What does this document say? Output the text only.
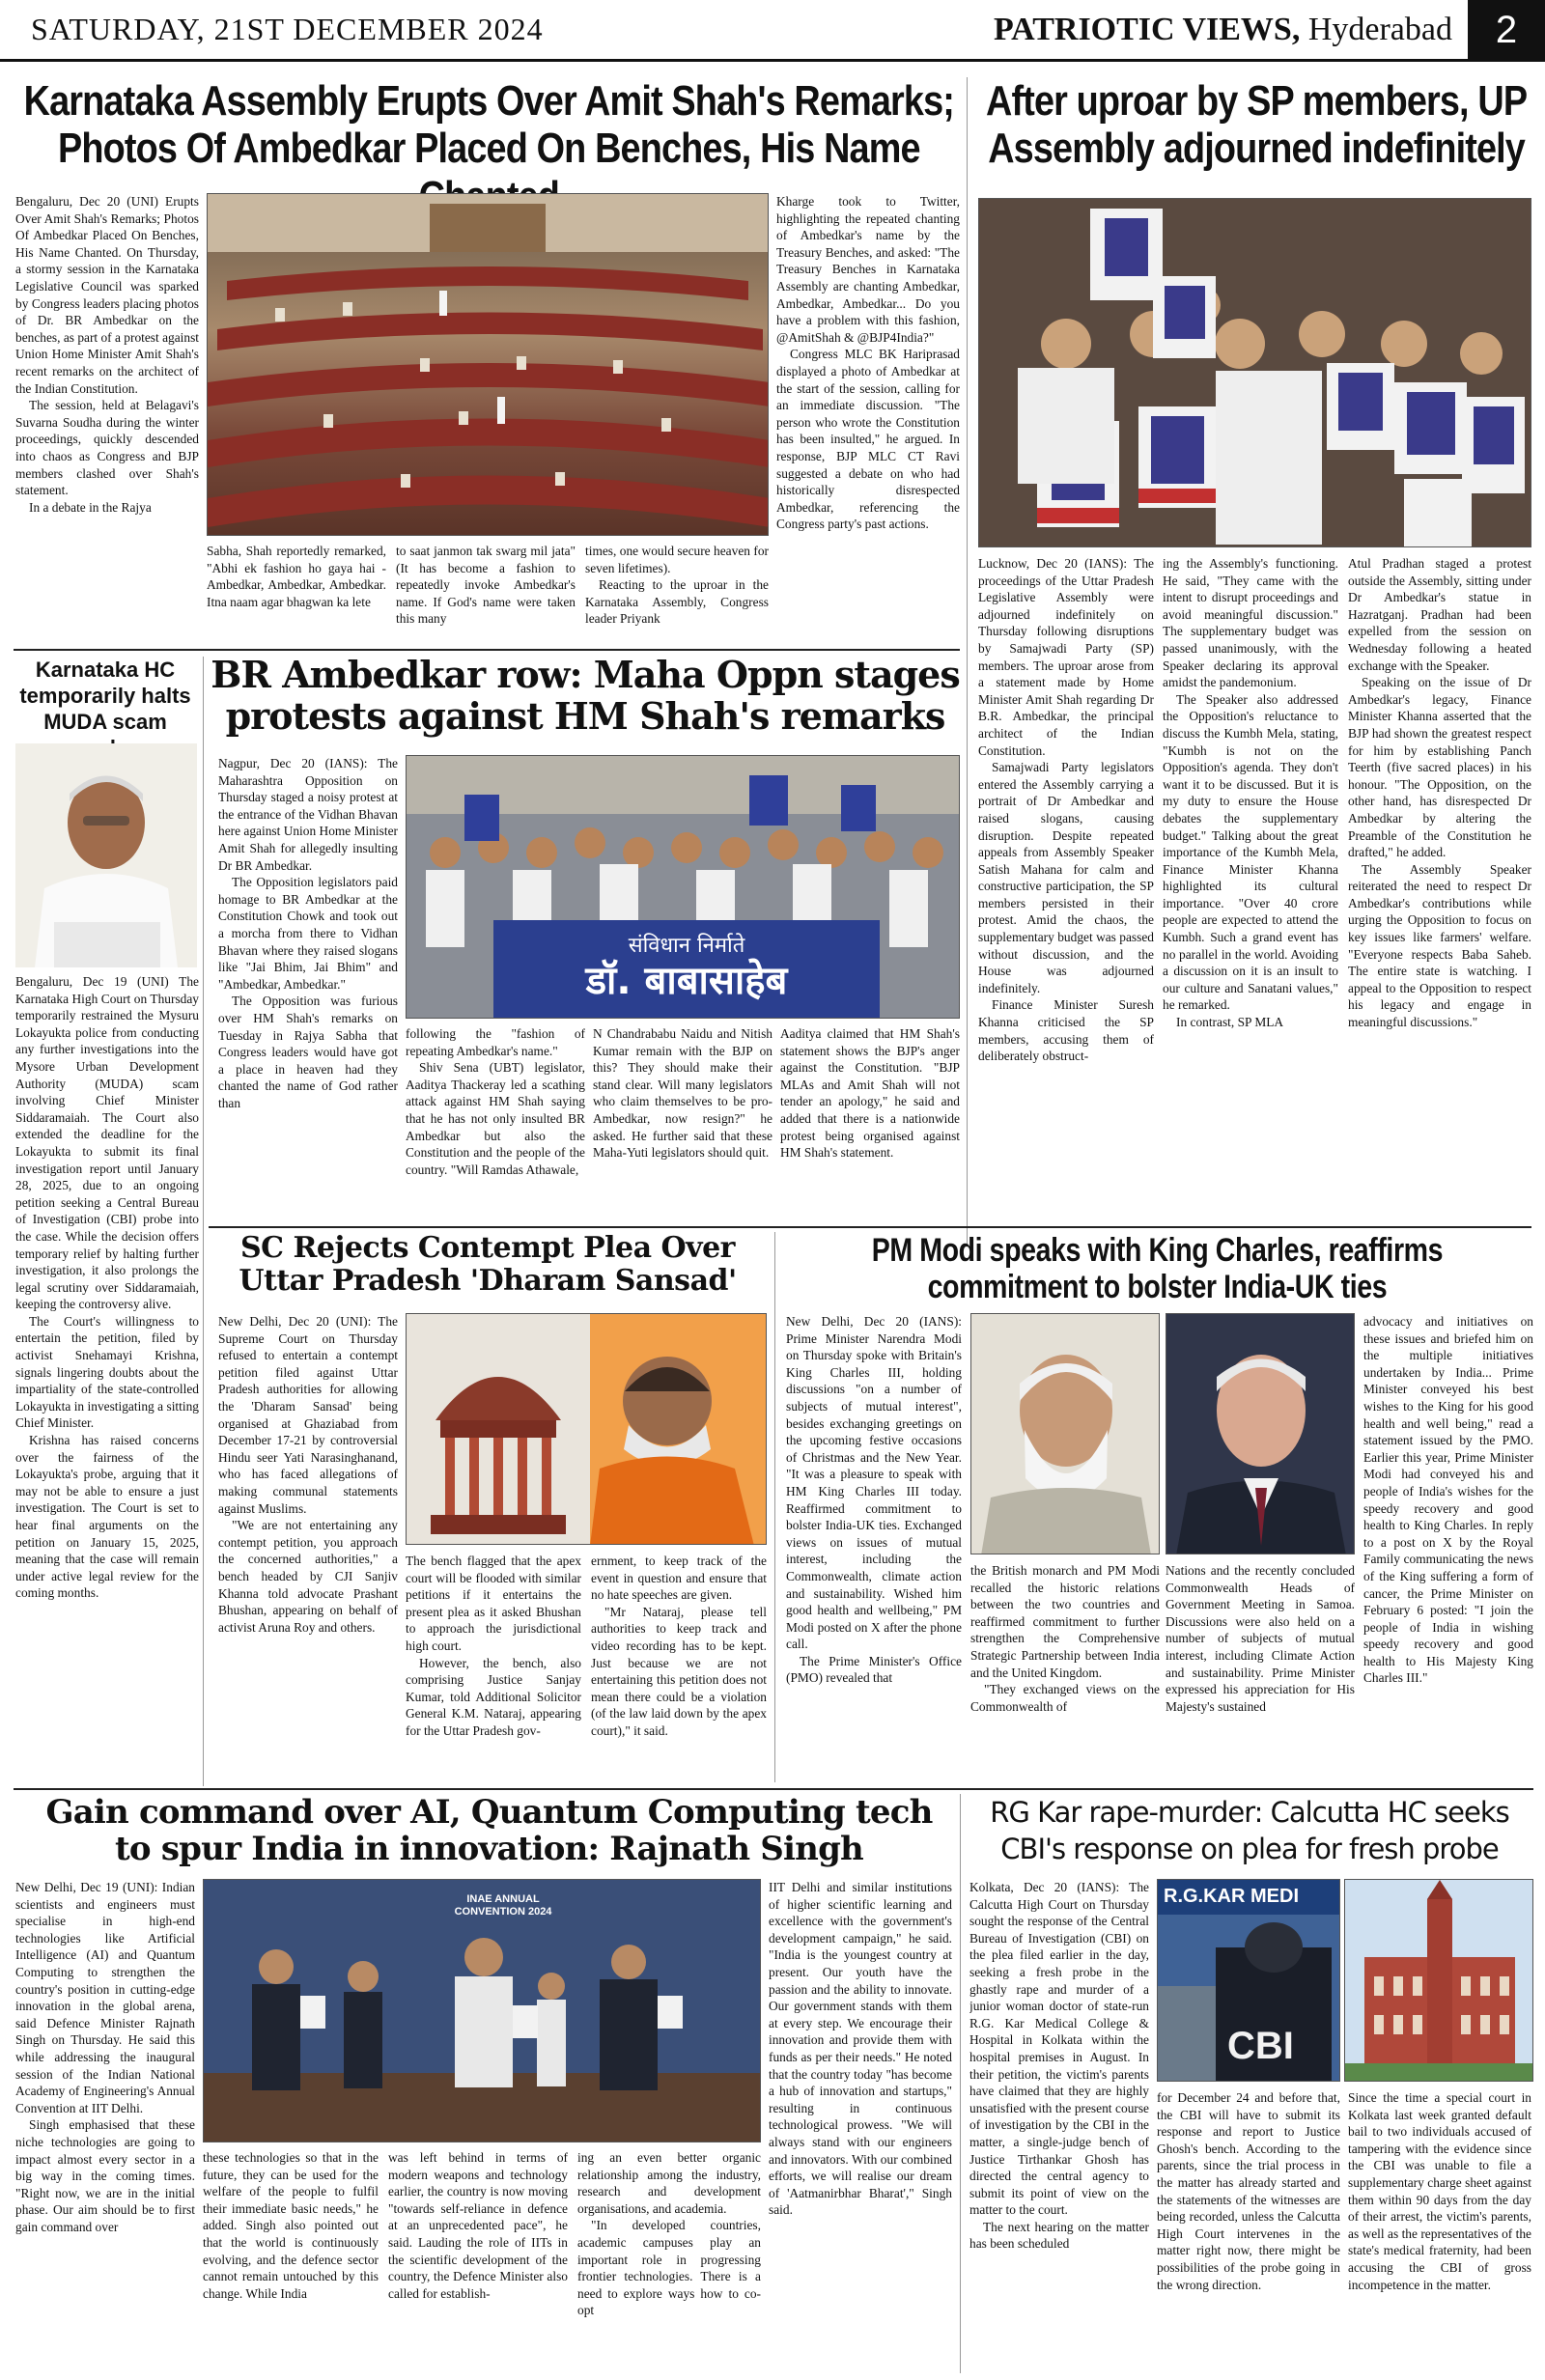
SATURDAY, 21ST DECEMBER 2024	PATRIOTIC VIEWS, Hyderabad	2
Karnataka Assembly Erupts Over Amit Shah's Remarks;
Photos Of Ambedkar Placed On Benches, His Name

Bengaluru, Dec 20 (UNI) Erupts Over Amit Shah's Remarks; Photos Of Ambedkar Placed On Benches, His Name Chanted. On Thursday, a stormy session in the Karnataka Legislative Council was sparked by Congress leaders placing photos of Dr. BR Ambedkar on the benches, as part of a protest against Union Home Minister Amit Shah's recent remarks on the architect of the Indian Constitution.

The session, held at Belagavi's Suvarna Soudha during the winter proceedings, quickly descended into chaos as Congress and BJP members clashed over Shah's statement.

In a debate in the Rajya

Sabha, Shah reportedly remarked, "Abhi ek fashion ho gaya hai - Ambedkar, Ambedkar, Ambedkar. Itna naam agar bhagwan ka lete

to saat janmon tak swarg mil jata" (It has become a fashion to repeatedly invoke Ambedkar's name. If God's name were taken this many

times, one would secure heaven for seven lifetimes).

Reacting to the uproar in the Karnataka Assembly, Congress leader Priyank

Kharge took to Twitter, highlighting the repeated chanting of Ambedkar's name by the Treasury Benches, and asked: "The Treasury Benches in Karnataka Assembly are chanting Ambedkar, Ambedkar, Ambedkar... Do you have a problem with this fashion, @AmitShah & @BJP4India?"

Congress MLC BK Hariprasad displayed a photo of Ambedkar at the start of the session, calling for an immediate discussion. "The person who wrote the Constitution has been insulted," he argued. In response, BJP MLC CT Ravi suggested a debate on who had historically disrespected Ambedkar, referencing the Congress party's past actions.

After uproar by SP members, UP
Assembly adjourned indefinitely

Lucknow, Dec 20 (IANS): The proceedings of the Uttar Pradesh Legislative Assembly were adjourned indefinitely on Thursday following disruptions by Samajwadi Party (SP) members. The uproar arose from a statement made by Home Minister Amit Shah regarding Dr B.R. Ambedkar, the principal architect of the Indian Constitution.

Samajwadi Party legislators entered the Assembly carrying a portrait of Dr Ambedkar and raised slogans, causing disruption. Despite repeated appeals from Assembly Speaker Satish Mahana for calm and constructive participation, the SP members persisted in their protest. Amid the chaos, the supplementary budget was passed without discussion, and the House was adjourned indefinitely.

Finance Minister Suresh Khanna criticised the SP members, accusing them of deliberately obstruct-

ing the Assembly's functioning. He said, "They came with the intent to disrupt proceedings and avoid meaningful discussion." The supplementary budget was passed unanimously, with the Speaker declaring its approval amidst the pandemonium.

The Speaker also addressed the Opposition's reluctance to discuss the Kumbh Mela, stating, "Kumbh is not on the Opposition's agenda. They don't want it to be discussed. But it is my duty to ensure the House debates the supplementary budget." Talking about the great importance of the Kumbh Mela, Finance Minister Khanna highlighted its cultural importance. "Over 40 crore people are expected to attend the Kumbh. Such a grand event has no parallel in the world. Avoiding a discussion on it is an insult to our culture and Sanatani values," he remarked.

In contrast, SP MLA

Atul Pradhan staged a protest outside the Assembly, sitting under Dr Ambedkar's statue in Hazratganj. Pradhan had been expelled from the session on Wednesday following a heated exchange with the Speaker.

Speaking on the issue of Dr Ambedkar's legacy, Finance Minister Khanna asserted that the BJP had shown the greatest respect for him by establishing Panch Teerth (five sacred places) in his honour. "The Opposition, on the other hand, has disrespected Dr Ambedkar by altering the Preamble of the Constitution he drafted," he added.

The Assembly Speaker reiterated the need to respect Dr Ambedkar's contributions while urging the Opposition to focus on key issues like farmers' welfare. "Everyone respects Baba Saheb. The entire state is watching. I appeal to the Opposition to respect his legacy and engage in meaningful discussions."

Karnataka HC
temporarily halts
MUDA scam

Bengaluru, Dec 19 (UNI) The Karnataka High Court on Thursday temporarily restrained the Mysuru Lokayukta police from conducting any further investigations into the Mysore Urban Development Authority (MUDA) scam involving Chief Minister Siddaramaiah. The Court also extended the deadline for the Lokayukta to submit its final investigation report until January 28, 2025, due to an ongoing petition seeking a Central Bureau of Investigation (CBI) probe into the case. While the decision offers temporary relief by halting further investigation, it also prolongs the legal scrutiny over Siddaramaiah, keeping the controversy alive.

The Court's willingness to entertain the petition, filed by activist Snehamayi Krishna, signals lingering doubts about the impartiality of the state-controlled Lokayukta in investigating a sitting Chief Minister.

Krishna has raised concerns over the fairness of the Lokayukta's probe, arguing that it may not be able to ensure a just investigation. The Court is set to hear final arguments on the petition on January 15, 2025, meaning that the case will remain under active legal review for the coming months.

BR Ambedkar row: Maha Oppn stages
protests against HM Shah's remarks

Nagpur, Dec 20 (IANS): The Maharashtra Opposition on Thursday staged a noisy protest at the entrance of the Vidhan Bhavan here against Union Home Minister Amit Shah for allegedly insulting Dr BR Ambedkar.

The Opposition legislators paid homage to BR Ambedkar at the Constitution Chowk and took out a morcha from there to Vidhan Bhavan where they raised slogans like "Jai Bhim, Jai Bhim" and "Ambedkar, Ambedkar."

The Opposition was furious over HM Shah's remarks on Tuesday in Rajya Sabha that Congress leaders would have got a place in heaven had they chanted the name of God rather than

संविधान निर्माते
डॉ. बाबासाहेब

following the "fashion of repeating Ambedkar's name."

Shiv Sena (UBT) legislator, Aaditya Thackeray led a scathing attack against HM Shah saying that he has not only insulted BR Ambedkar but also the Constitution and the people of the country. "Will Ramdas Athawale,

N Chandrababu Naidu and Nitish Kumar remain with the BJP on this? They should make their stand clear. Will many legislators who claim themselves to be pro-Ambedkar, now resign?" he asked. He further said that these Maha-Yuti legislators should quit.

Aaditya claimed that HM Shah's statement shows the BJP's anger against the Constitution. "BJP MLAs and Amit Shah will not tender an apology," he said and added that there is a nationwide protest being organised against HM Shah's statement.

SC Rejects Contempt Plea Over
Uttar Pradesh 'Dharam Sansad'

New Delhi, Dec 20 (UNI): The Supreme Court on Thursday refused to entertain a contempt petition filed against Uttar Pradesh authorities for allowing the 'Dharam Sansad' being organised at Ghaziabad from December 17-21 by controversial Hindu seer Yati Narasinghanand, who has faced allegations of making communal statements against Muslims.

"We are not entertaining any contempt petition, you approach the concerned authorities," a bench headed by CJI Sanjiv Khanna told advocate Prashant Bhushan, appearing on behalf of activist Aruna Roy and others.

The bench flagged that the apex court will be flooded with similar petitions if it entertains the present plea as it asked Bhushan to approach the jurisdictional high court.

However, the bench, also comprising Justice Sanjay Kumar, told Additional Solicitor General K.M. Nataraj, appearing for the Uttar Pradesh gov-

ernment, to keep track of the event in question and ensure that no hate speeches are given.

"Mr Nataraj, please tell authorities to keep track and video recording has to be kept. Just because we are not entertaining this petition does not mean there could be a violation (of the law laid down by the apex court)," it said.

PM Modi speaks with King Charles, reaffirms
commitment to bolster India-UK ties

New Delhi, Dec 20 (IANS): Prime Minister Narendra Modi on Thursday spoke with Britain's King Charles III, holding discussions "on a number of subjects of mutual interest", besides exchanging greetings on the upcoming festive occasions of Christmas and the New Year. "It was a pleasure to speak with HM King Charles III today. Reaffirmed commitment to bolster India-UK ties. Exchanged views on issues of mutual interest, including the Commonwealth, climate action and sustainability. Wished him good health and wellbeing," PM Modi posted on X after the phone call.

The Prime Minister's Office (PMO) revealed that

the British monarch and PM Modi recalled the historic relations between the two countries and reaffirmed commitment to further strengthen the Comprehensive Strategic Partnership between India and the United Kingdom.

"They exchanged views on the Commonwealth of

Nations and the recently concluded Commonwealth Heads of Government Meeting in Samoa. Discussions were also held on a number of subjects of mutual interest, including Climate Action and sustainability. Prime Minister expressed his appreciation for His Majesty's sustained

advocacy and initiatives on these issues and briefed him on the multiple initiatives undertaken by India... Prime Minister conveyed his best wishes to the King for his good health and well being," read a statement issued by the PMO. Earlier this year, Prime Minister Modi had conveyed his and people of India's wishes for the speedy recovery and good health to King Charles. In reply to a post on X by the Royal Family communicating the news of the King suffering a form of cancer, the Prime Minister on February 6 posted: "I join the people of India in wishing speedy recovery and good health to His Majesty King Charles III."

Gain command over AI, Quantum Computing tech
to spur India in innovation: Rajnath Singh

New Delhi, Dec 19 (UNI): Indian scientists and engineers must specialise in high-end technologies like Artificial Intelligence (AI) and Quantum Computing to strengthen the country's position in cutting-edge innovation in the global arena, said Defence Minister Rajnath Singh on Thursday. He said this while addressing the inaugural session of the Indian National Academy of Engineering's Annual Convention at IIT Delhi.

Singh emphasised that these niche technologies are going to impact almost every sector in a big way in the coming times. "Right now, we are in the initial phase. Our aim should be to first gain command over

INAE ANNUAL CONVENTION 2024

these technologies so that in the future, they can be used for the welfare of the people to fulfil their immediate basic needs," he added. Singh also pointed out that the world is continuously evolving, and the defence sector cannot remain untouched by this change. While India

was left behind in terms of modern weapons and technology earlier, the country is now moving "towards self-reliance in defence at an unprecedented pace", he said. Lauding the role of IITs in the scientific development of the country, the Defence Minister also called for establish-

ing an even better organic relationship among the industry, research and development organisations, and academia.

"In developed countries, academic campuses play an important role in progressing frontier technologies. There is a need to explore ways how to co-opt

IIT Delhi and similar institutions of higher scientific learning and excellence with the government's development campaign," he said. "India is the youngest country at present. Our youth have the passion and the ability to innovate. Our government stands with them at every step. We encourage their innovation and provide them with funds as per their needs." He noted that the country today "has become a hub of innovation and startups," resulting in continuous technological prowess. "We will always stand with our engineers and innovators. With our combined efforts, we will realise our dream of 'Aatmanirbhar Bharat'," Singh said.

RG Kar rape-murder: Calcutta HC seeks
CBI's response on plea for fresh probe

Kolkata, Dec 20 (IANS): The Calcutta High Court on Thursday sought the response of the Central Bureau of Investigation (CBI) on the plea filed earlier in the day, seeking a fresh probe in the ghastly rape and murder of a junior woman doctor of state-run R.G. Kar Medical College & Hospital in Kolkata within the hospital premises in August. In their petition, the victim's parents have claimed that they are highly unsatisfied with the present course of investigation by the CBI in the matter, a single-judge bench of Justice Tirthankar Ghosh has directed the central agency to submit its point of view on the matter to the court.

The next hearing on the matter has been scheduled

R.G.KAR MEDI
CBI

for December 24 and before that, the CBI will have to submit its response and report to Justice Ghosh's bench. According to the parents, since the trial process in the matter has already started and the statements of the witnesses are being recorded, unless the Calcutta High Court intervenes in the matter right now, there might be possibilities of the probe going in the wrong direction.

Since the time a special court in Kolkata last week granted default bail to two individuals accused of tampering with the evidence since the CBI was unable to file a supplementary charge sheet against them within 90 days from the day of their arrest, the victim's parents, as well as the representatives of the state's medical fraternity, had been accusing the CBI of gross incompetence in the matter.
